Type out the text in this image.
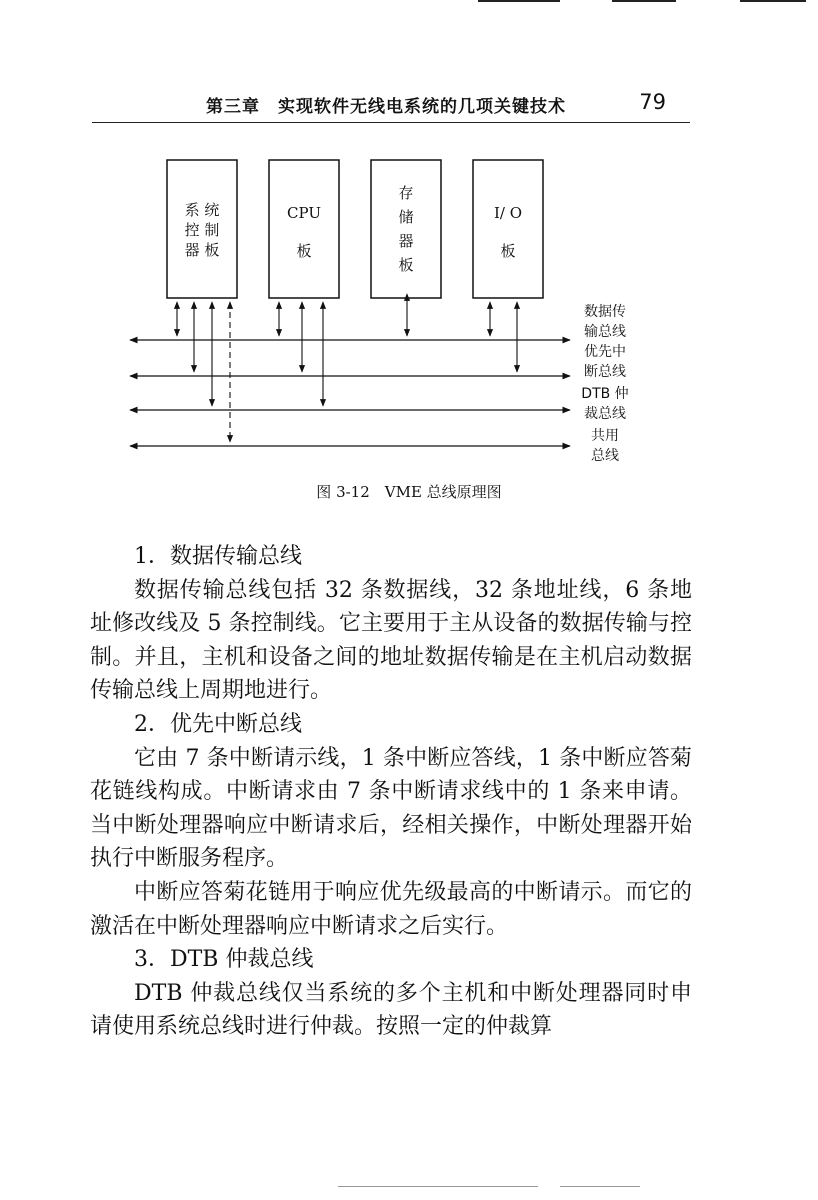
第三章　实现软件无线电系统的几项关键技术	79
系 统
控 制
器 板
CPU
板
存
储
器
板
I/ O
板
数据传
输总线
优先中
断总线
DTB 仲
裁总线
共用
总线
图 3-12　VME 总线原理图

1．数据传输总线

数据传输总线包括 32 条数据线，32 条地址线，6 条地址修改线及 5 条控制线。它主要用于主从设备的数据传输与控制。并且，主机和设备之间的地址数据传输是在主机启动数据传输总线上周期地进行。

2．优先中断总线

它由 7 条中断请示线，1 条中断应答线，1 条中断应答菊花链线构成。中断请求由 7 条中断请求线中的 1 条来申请。当中断处理器响应中断请求后，经相关操作，中断处理器开始执行中断服务程序。

中断应答菊花链用于响应优先级最高的中断请示。而它的激活在中断处理器响应中断请求之后实行。

3．DTB 仲裁总线

DTB 仲裁总线仅当系统的多个主机和中断处理器同时申请使用系统总线时进行仲裁。按照一定的仲裁算
